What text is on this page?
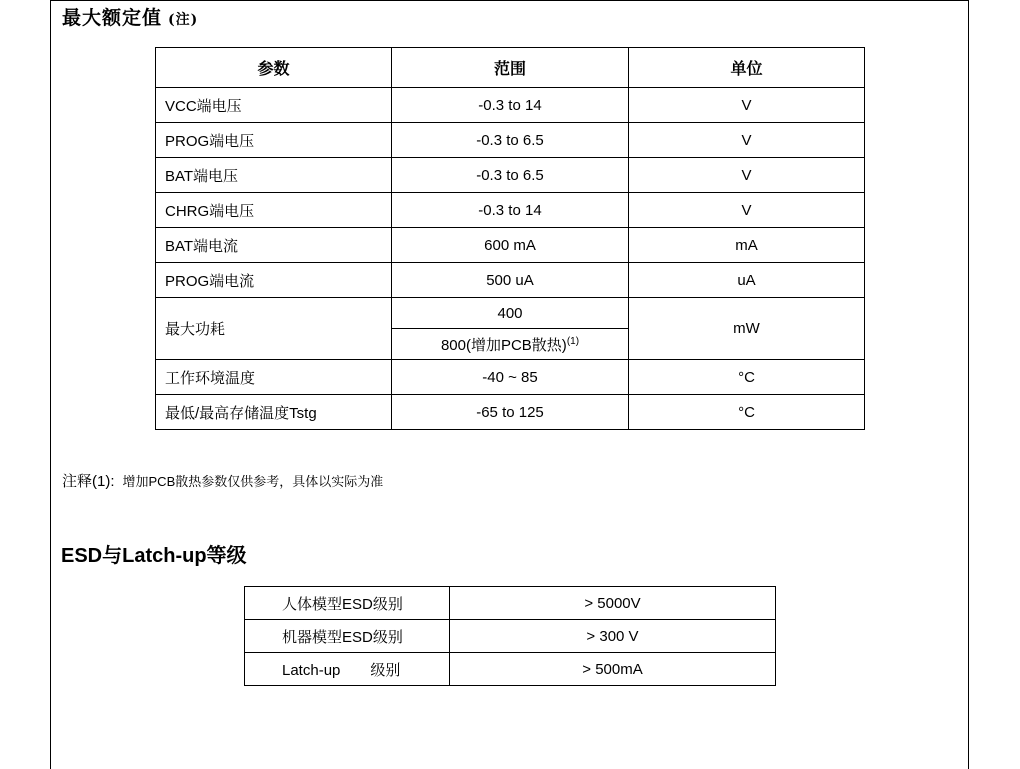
最大额定值 (注)
参数	范围	单位
VCC端电压	-0.3 to 14	V
PROG端电压	-0.3 to 6.5	V
BAT端电压	-0.3 to 6.5	V
CHRG端电压	-0.3 to 14	V
BAT端电流	600 mA	mA
PROG端电流	500 uA	uA
最大功耗	400	mW
	800(增加PCB散热)$^{(1)}$
工作环境温度	-40 ~ 85	°C
最低/最高存储温度Tstg	-65 to 125	°C
注释(1): 增加PCB散热参数仅供参考，具体以实际为准
ESD与Latch-up等级
人体模型ESD级别	> 5000V
机器模型ESD级别	> 300 V
Latch-up　　级别	> 500mA
